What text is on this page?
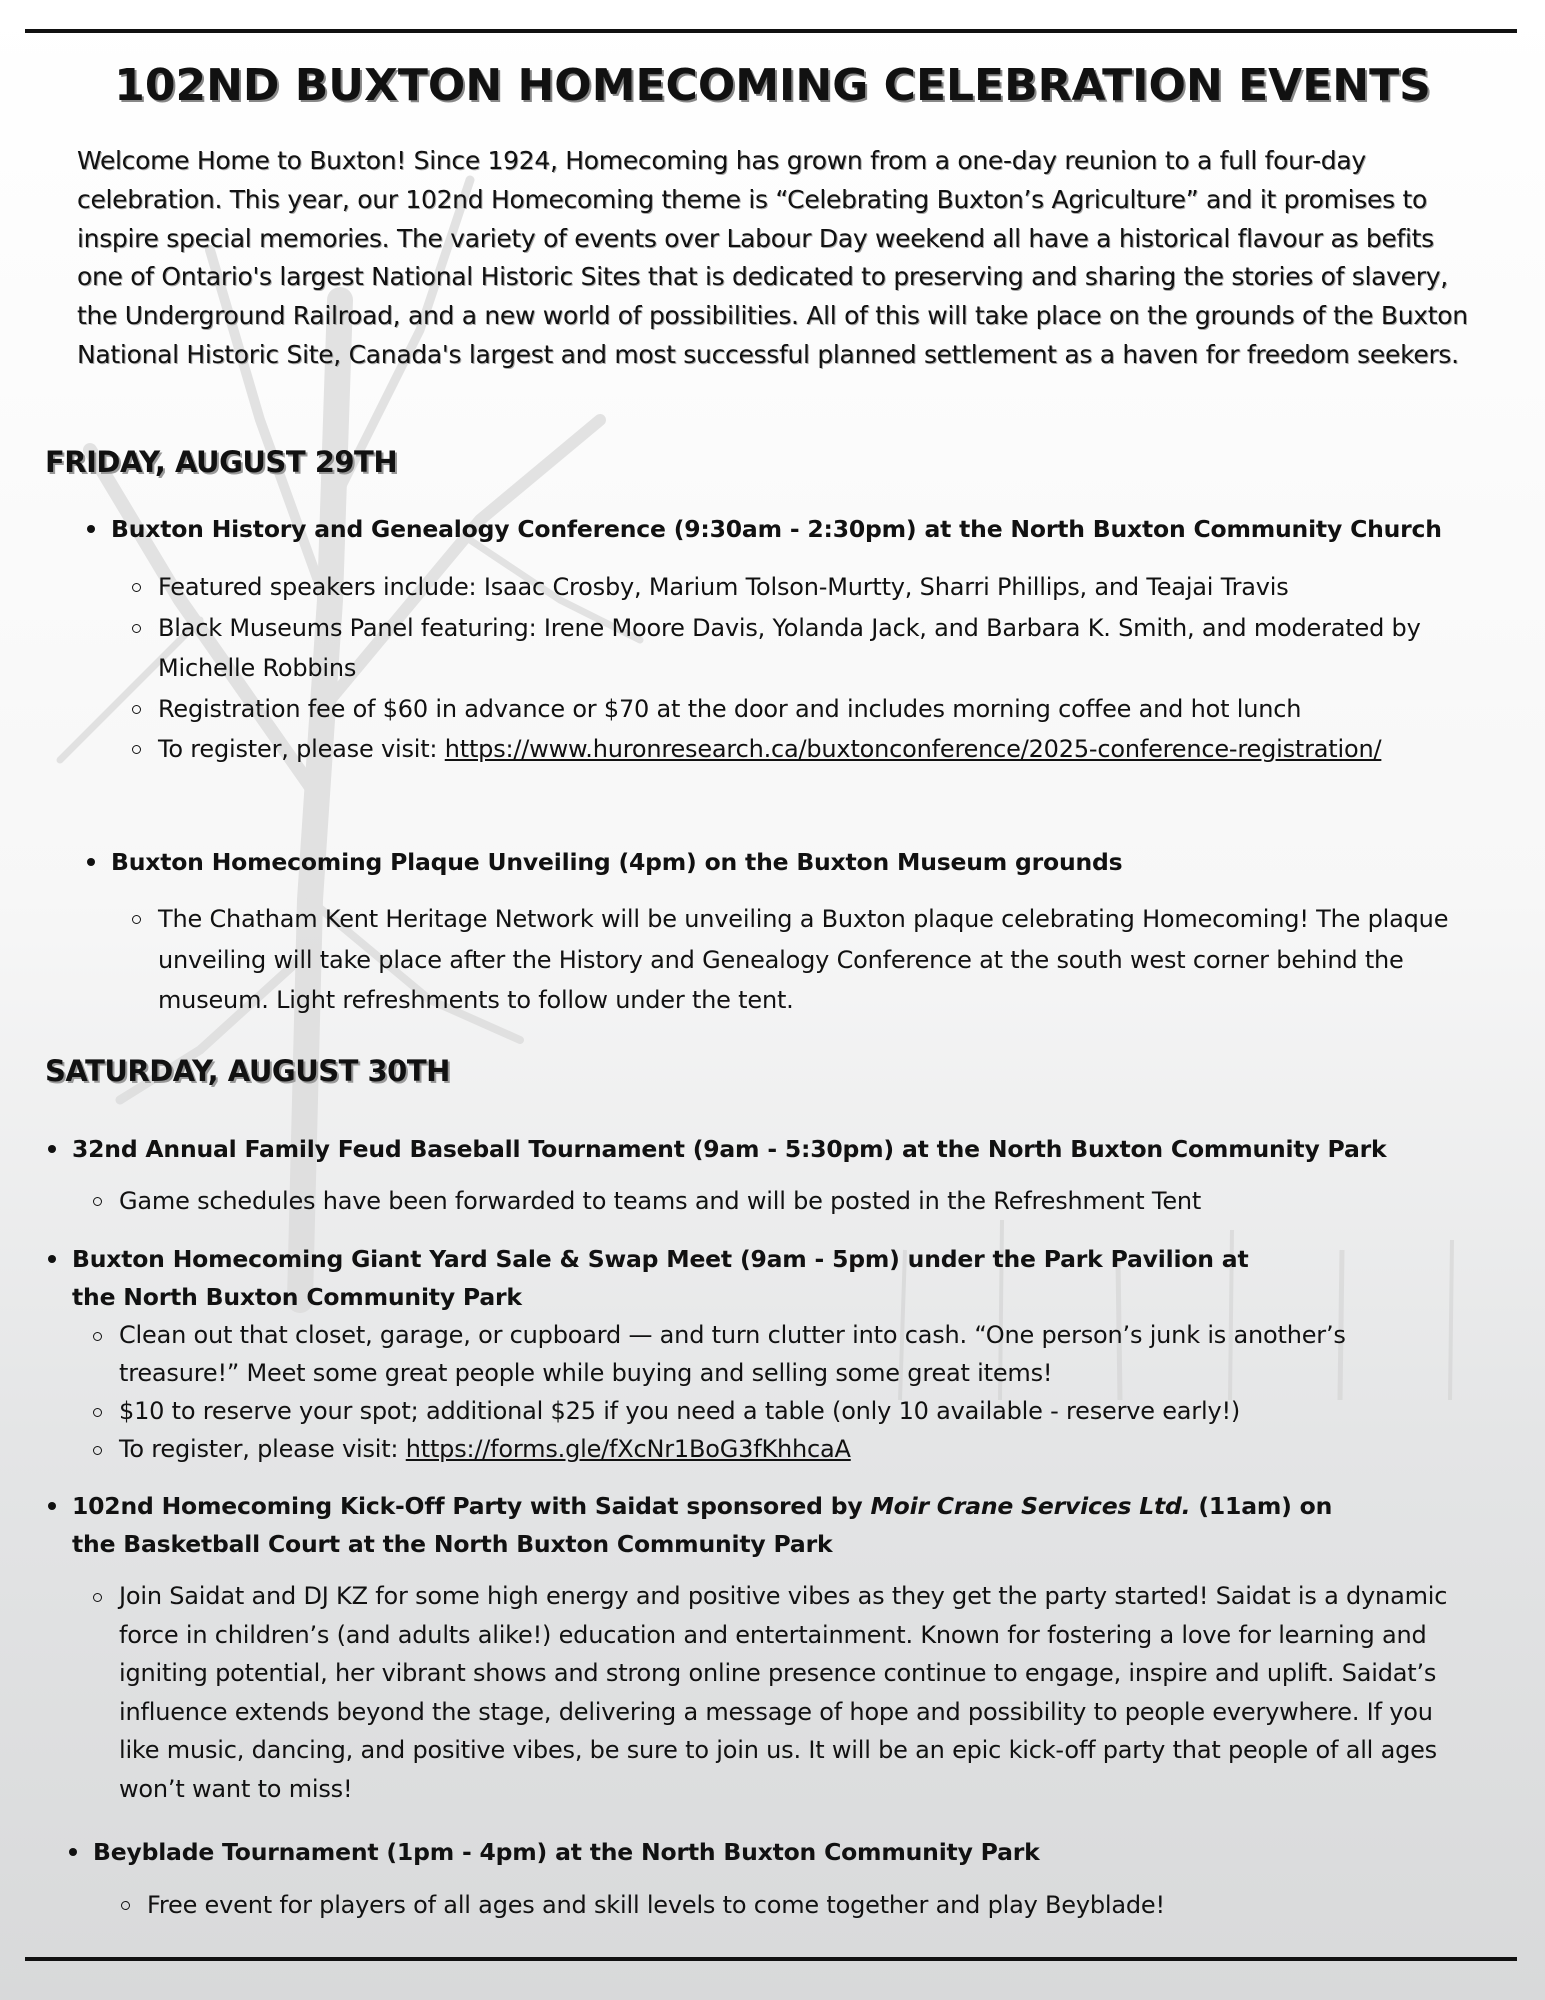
102ND BUXTON HOMECOMING CELEBRATION EVENTS

Welcome Home to Buxton! Since 1924, Homecoming has grown from a one-day reunion to a full four-day celebration. This year, our 102nd Homecoming theme is “Celebrating Buxton’s Agriculture” and it promises to inspire special memories. The variety of events over Labour Day weekend all have a historical flavour as befits one of Ontario's largest National Historic Sites that is dedicated to preserving and sharing the stories of slavery, the Underground Railroad, and a new world of possibilities. All of this will take place on the grounds of the Buxton National Historic Site, Canada's largest and most successful planned settlement as a haven for freedom seekers.

FRIDAY, AUGUST 29TH
Buxton History and Genealogy Conference (9:30am - 2:30pm) at the North Buxton Community Church
Featured speakers include: Isaac Crosby, Marium Tolson-Murtty, Sharri Phillips, and Teajai Travis
Black Museums Panel featuring: Irene Moore Davis, Yolanda Jack, and Barbara K. Smith, and moderated by Michelle Robbins
Registration fee of $60 in advance or $70 at the door and includes morning coffee and hot lunch
To register, please visit: https://www.huronresearch.ca/buxtonconference/2025-conference-registration/
Buxton Homecoming Plaque Unveiling (4pm) on the Buxton Museum grounds
The Chatham Kent Heritage Network will be unveiling a Buxton plaque celebrating Homecoming! The plaque unveiling will take place after the History and Genealogy Conference at the south west corner behind the museum. Light refreshments to follow under the tent.
SATURDAY, AUGUST 30TH
32nd Annual Family Feud Baseball Tournament (9am - 5:30pm) at the North Buxton Community Park
Game schedules have been forwarded to teams and will be posted in the Refreshment Tent
Buxton Homecoming Giant Yard Sale & Swap Meet (9am - 5pm) under the Park Pavilion at the North Buxton Community Park
Clean out that closet, garage, or cupboard — and turn clutter into cash. “One person’s junk is another’s treasure!” Meet some great people while buying and selling some great items!
$10 to reserve your spot; additional $25 if you need a table (only 10 available - reserve early!)
To register, please visit: https://forms.gle/fXcNr1BoG3fKhhcaA
102nd Homecoming Kick-Off Party with Saidat sponsored by Moir Crane Services Ltd. (11am) on the Basketball Court at the North Buxton Community Park
Join Saidat and DJ KZ for some high energy and positive vibes as they get the party started! Saidat is a dynamic force in children’s (and adults alike!) education and entertainment. Known for fostering a love for learning and igniting potential, her vibrant shows and strong online presence continue to engage, inspire and uplift. Saidat’s influence extends beyond the stage, delivering a message of hope and possibility to people everywhere. If you like music, dancing, and positive vibes, be sure to join us. It will be an epic kick-off party that people of all ages won’t want to miss!
Beyblade Tournament (1pm - 4pm) at the North Buxton Community Park
Free event for players of all ages and skill levels to come together and play Beyblade!
